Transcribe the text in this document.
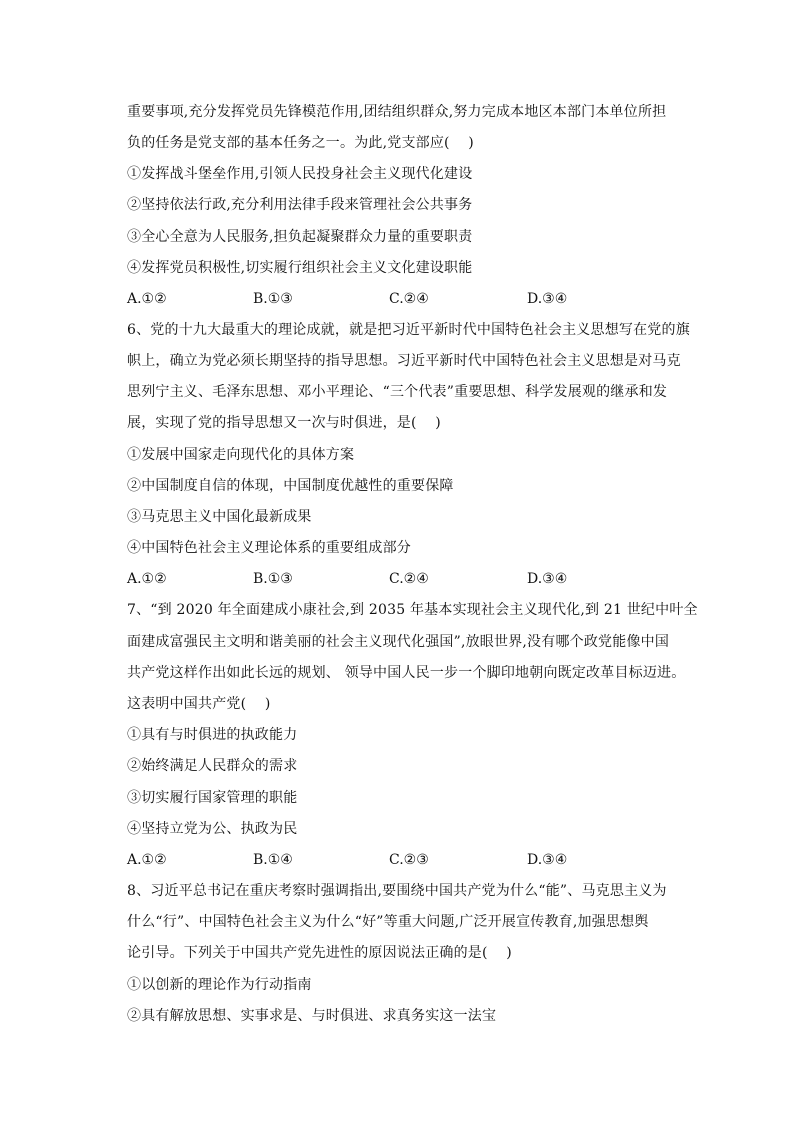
重要事项,充分发挥党员先锋模范作用,团结组织群众,努力完成本地区本部门本单位所担
负的任务是党支部的基本任务之一。为此,党支部应(    )
①发挥战斗堡垒作用,引领人民投身社会主义现代化建设
②坚持依法行政,充分利用法律手段来管理社会公共事务
③全心全意为人民服务,担负起凝聚群众力量的重要职责
④发挥党员积极性,切实履行组织社会主义文化建设职能
A.①②	B.①③	C.②④	D.③④
6、党的十九大最重大的理论成就，就是把习近平新时代中国特色社会主义思想写在党的旗
帜上，确立为党必须长期坚持的指导思想。习近平新时代中国特色社会主义思想是对马克
思列宁主义、毛泽东思想、邓小平理论、“三个代表”重要思想、科学发展观的继承和发
展，实现了党的指导思想又一次与时俱进，是(    )
①发展中国家走向现代化的具体方案
②中国制度自信的体现，中国制度优越性的重要保障
③马克思主义中国化最新成果
④中国特色社会主义理论体系的重要组成部分
A.①②	B.①③	C.②④	D.③④
7、“到 2020 年全面建成小康社会,到 2035 年基本实现社会主义现代化,到 21 世纪中叶全
面建成富强民主文明和谐美丽的社会主义现代化强国”,放眼世界,没有哪个政党能像中国
共产党这样作出如此长远的规划、 领导中国人民一步一个脚印地朝向既定改革目标迈进。
这表明中国共产党(    )
①具有与时俱进的执政能力
②始终满足人民群众的需求
③切实履行国家管理的职能
④坚持立党为公、执政为民
A.①②	B.①④	C.②③	D.③④
8、习近平总书记在重庆考察时强调指出,要围绕中国共产党为什么“能”、马克思主义为
什么“行”、中国特色社会主义为什么“好”等重大问题,广泛开展宣传教育,加强思想舆
论引导。下列关于中国共产党先进性的原因说法正确的是(    )
①以创新的理论作为行动指南
②具有解放思想、实事求是、与时俱进、求真务实这一法宝
